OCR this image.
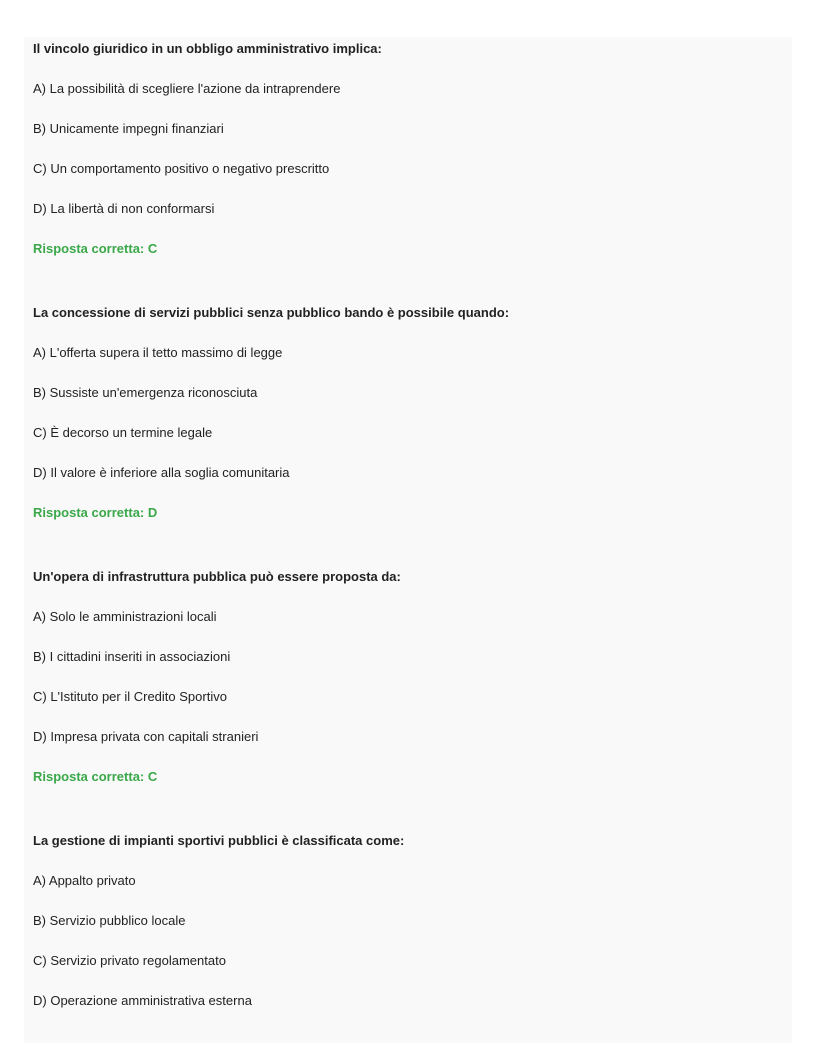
Il vincolo giuridico in un obbligo amministrativo implica:
A) La possibilità di scegliere l'azione da intraprendere
B) Unicamente impegni finanziari
C) Un comportamento positivo o negativo prescritto
D) La libertà di non conformarsi
Risposta corretta: C
La concessione di servizi pubblici senza pubblico bando è possibile quando:
A) L'offerta supera il tetto massimo di legge
B) Sussiste un'emergenza riconosciuta
C) È decorso un termine legale
D) Il valore è inferiore alla soglia comunitaria
Risposta corretta: D
Un'opera di infrastruttura pubblica può essere proposta da:
A) Solo le amministrazioni locali
B) I cittadini inseriti in associazioni
C) L'Istituto per il Credito Sportivo
D) Impresa privata con capitali stranieri
Risposta corretta: C
La gestione di impianti sportivi pubblici è classificata come:
A) Appalto privato
B) Servizio pubblico locale
C) Servizio privato regolamentato
D) Operazione amministrativa esterna
